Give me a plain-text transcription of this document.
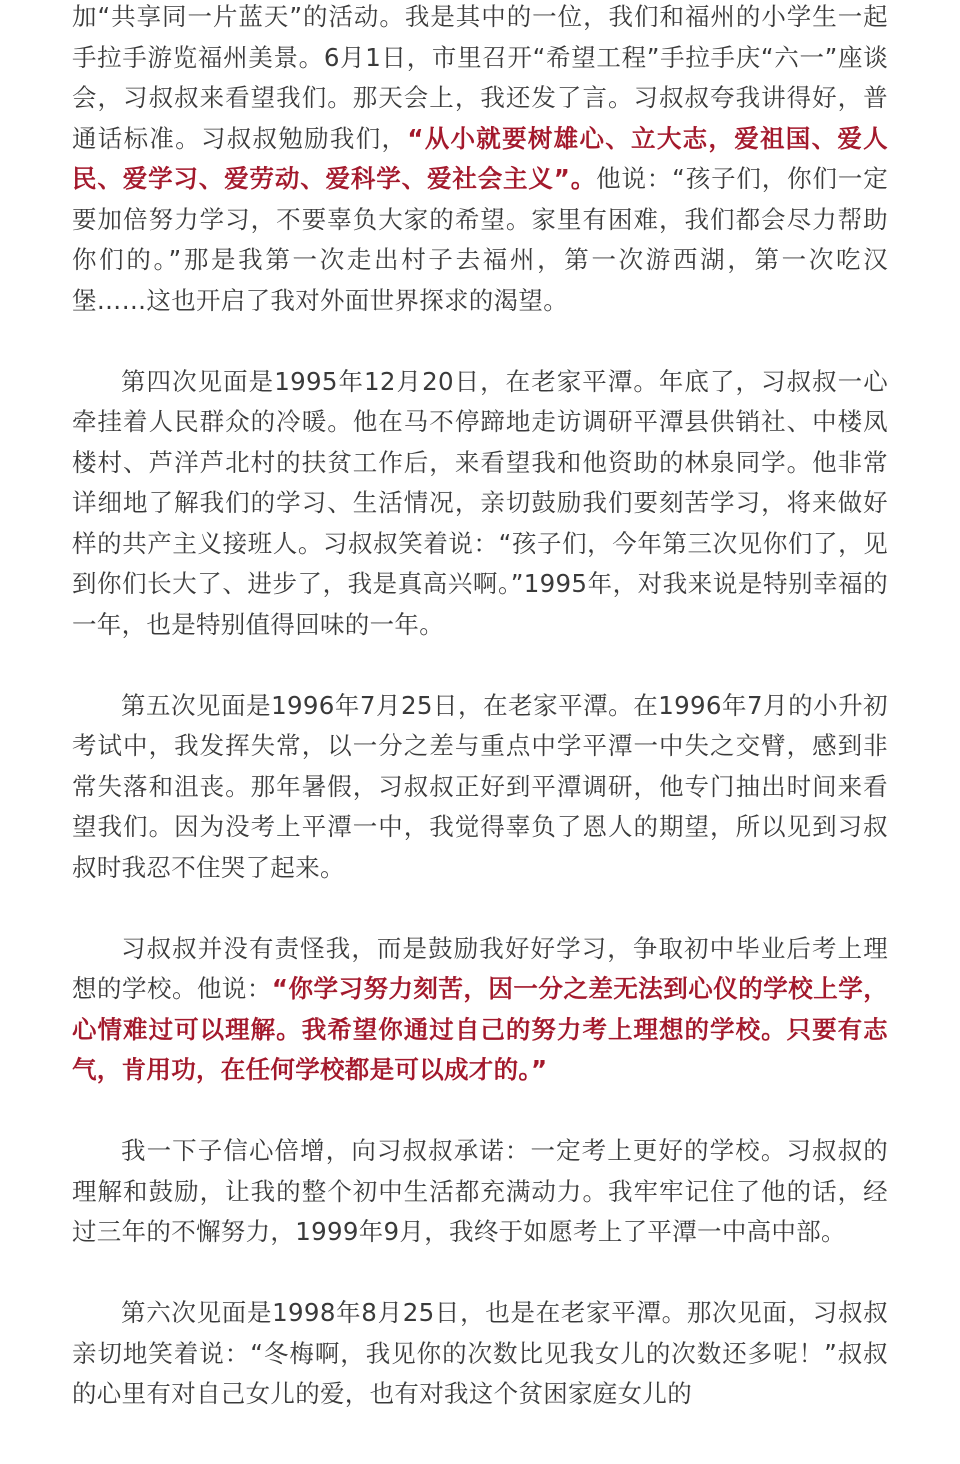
加“共享同一片蓝天”的活动。我是其中的一位，我们和福州的小学生一起手拉手游览福州美景。6月1日，市里召开“希望工程”手拉手庆“六一”座谈会，习叔叔来看望我们。那天会上，我还发了言。习叔叔夸我讲得好，普通话标准。习叔叔勉励我们，“从小就要树雄心、立大志，爱祖国、爱人民、爱学习、爱劳动、爱科学、爱社会主义”。他说：“孩子们，你们一定要加倍努力学习，不要辜负大家的希望。家里有困难，我们都会尽力帮助你们的。”那是我第一次走出村子去福州，第一次游西湖，第一次吃汉堡……这也开启了我对外面世界探求的渴望。

第四次见面是1995年12月20日，在老家平潭。年底了，习叔叔一心牵挂着人民群众的冷暖。他在马不停蹄地走访调研平潭县供销社、中楼凤楼村、芦洋芦北村的扶贫工作后，来看望我和他资助的林泉同学。他非常详细地了解我们的学习、生活情况，亲切鼓励我们要刻苦学习，将来做好样的共产主义接班人。习叔叔笑着说：“孩子们，今年第三次见你们了，见到你们长大了、进步了，我是真高兴啊。”1995年，对我来说是特别幸福的一年，也是特别值得回味的一年。

第五次见面是1996年7月25日，在老家平潭。在1996年7月的小升初考试中，我发挥失常，以一分之差与重点中学平潭一中失之交臂，感到非常失落和沮丧。那年暑假，习叔叔正好到平潭调研，他专门抽出时间来看望我们。因为没考上平潭一中，我觉得辜负了恩人的期望，所以见到习叔叔时我忍不住哭了起来。

习叔叔并没有责怪我，而是鼓励我好好学习，争取初中毕业后考上理想的学校。他说：“你学习努力刻苦，因一分之差无法到心仪的学校上学，心情难过可以理解。我希望你通过自己的努力考上理想的学校。只要有志气，肯用功，在任何学校都是可以成才的。”

我一下子信心倍增，向习叔叔承诺：一定考上更好的学校。习叔叔的理解和鼓励，让我的整个初中生活都充满动力。我牢牢记住了他的话，经过三年的不懈努力，1999年9月，我终于如愿考上了平潭一中高中部。

第六次见面是1998年8月25日，也是在老家平潭。那次见面，习叔叔亲切地笑着说：“冬梅啊，我见你的次数比见我女儿的次数还多呢！”叔叔的心里有对自己女儿的爱，也有对我这个贫困家庭女儿的
